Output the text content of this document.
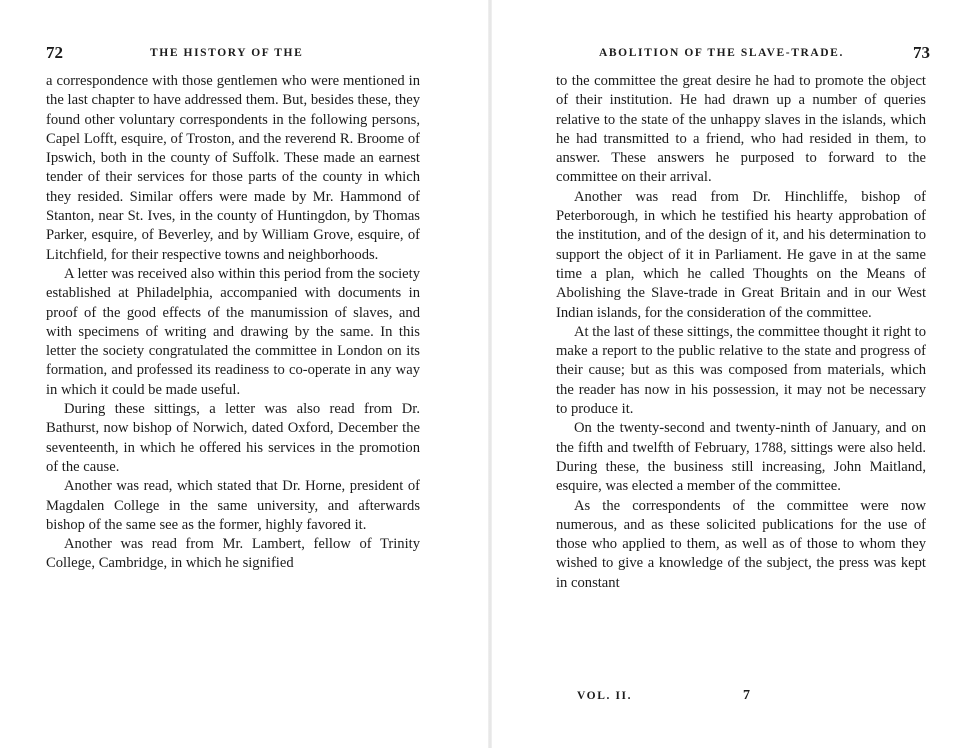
72	THE HISTORY OF THE

a correspondence with those gentlemen who were mentioned in the last chapter to have addressed them. But, besides these, they found other voluntary correspondents in the following persons, Capel Lofft, esquire, of Troston, and the reverend R. Broome of Ipswich, both in the county of Suffolk. These made an earnest tender of their services for those parts of the county in which they resided. Similar offers were made by Mr. Hammond of Stanton, near St. Ives, in the county of Huntingdon, by Thomas Parker, esquire, of Beverley, and by William Grove, esquire, of Litchfield, for their respective towns and neighborhoods.

A letter was received also within this period from the society established at Philadelphia, accompanied with documents in proof of the good effects of the manumission of slaves, and with specimens of writing and drawing by the same. In this letter the society congratulated the committee in London on its formation, and professed its readiness to co-operate in any way in which it could be made useful.

During these sittings, a letter was also read from Dr. Bathurst, now bishop of Norwich, dated Oxford, December the seventeenth, in which he offered his services in the promotion of the cause.

Another was read, which stated that Dr. Horne, president of Magdalen College in the same university, and afterwards bishop of the same see as the former, highly favored it.

Another was read from Mr. Lambert, fellow of Trinity College, Cambridge, in which he signified

ABOLITION OF THE SLAVE-TRADE.	73

to the committee the great desire he had to promote the object of their institution. He had drawn up a number of queries relative to the state of the unhappy slaves in the islands, which he had transmitted to a friend, who had resided in them, to answer. These answers he purposed to forward to the committee on their arrival.

Another was read from Dr. Hinchliffe, bishop of Peterborough, in which he testified his hearty approbation of the institution, and of the design of it, and his determination to support the object of it in Parliament. He gave in at the same time a plan, which he called Thoughts on the Means of Abolishing the Slave-trade in Great Britain and in our West Indian islands, for the consideration of the committee.

At the last of these sittings, the committee thought it right to make a report to the public relative to the state and progress of their cause; but as this was composed from materials, which the reader has now in his possession, it may not be necessary to produce it.

On the twenty-second and twenty-ninth of January, and on the fifth and twelfth of February, 1788, sittings were also held. During these, the business still increasing, John Maitland, esquire, was elected a member of the committee.

As the correspondents of the committee were now numerous, and as these solicited publications for the use of those who applied to them, as well as of those to whom they wished to give a knowledge of the subject, the press was kept in constant

VOL. II.	7
